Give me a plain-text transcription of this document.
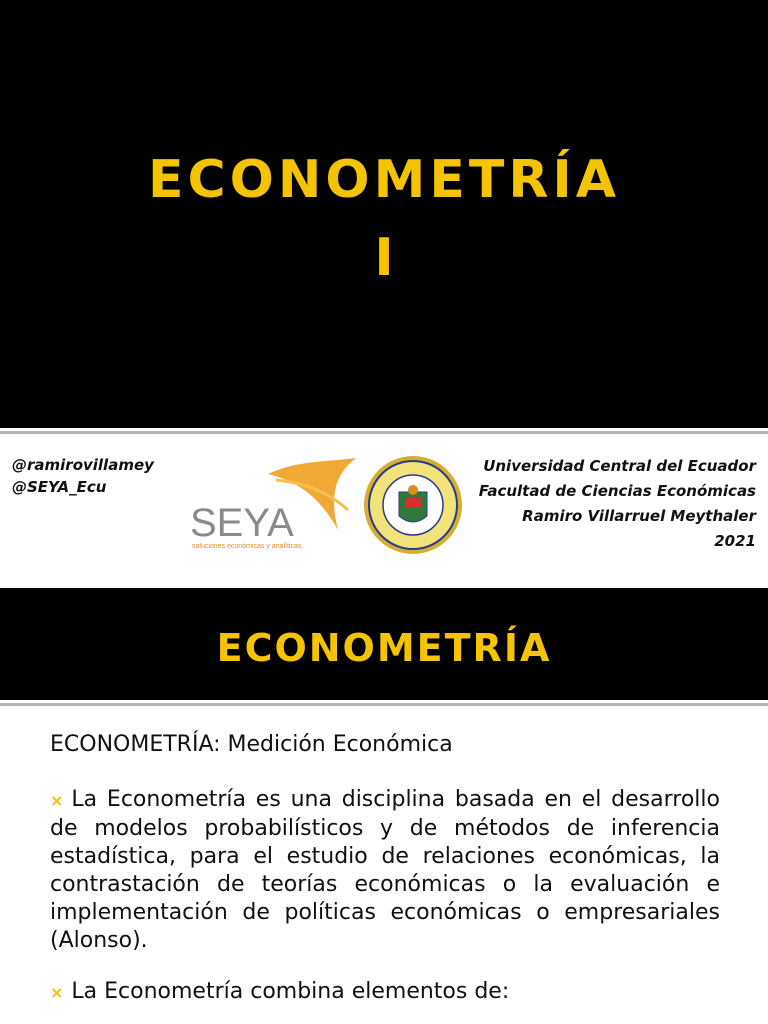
ECONOMETRÍA
I
@ramirovillamey
@SEYA_Ecu
SEYA
soluciones económicas y analíticas
Universidad Central del Ecuador
Facultad de Ciencias Económicas
Ramiro Villarruel Meythaler
2021
ECONOMETRÍA
ECONOMETRÍA: Medición Económica

× La Econometría es una disciplina basada en el desarrollo de modelos probabilísticos y de métodos de inferencia estadística, para el estudio de relaciones económicas, la contrastación de teorías económicas o la evaluación e implementación de políticas económicas o empresariales (Alonso).

× La Econometría combina elementos de:
